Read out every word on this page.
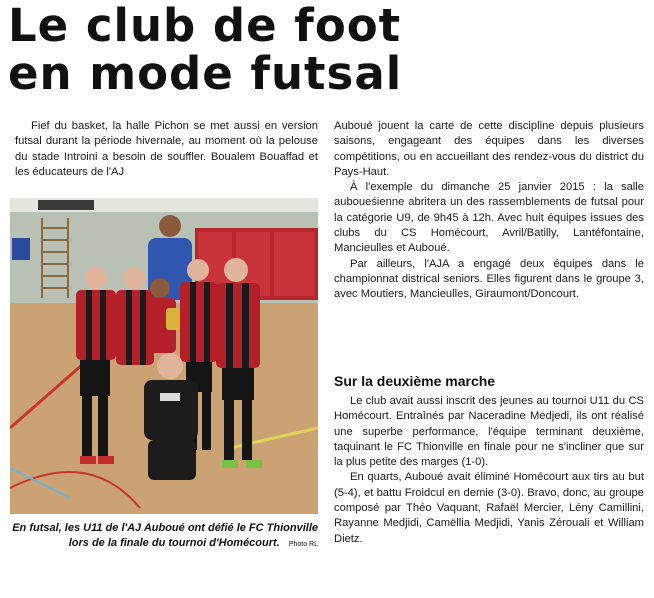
Le club de foot
en mode futsal

Fief du basket, la halle Pichon se met aussi en version futsal durant la période hivernale, au moment où la pelouse du stade Introini a besoin de souffler. Boualem Bouaffad et les éducateurs de l'AJ

En futsal, les U11 de l'AJ Auboué ont défié le FC Thionville lors de la finale du tournoi d'Homécourt. Photo RL

Auboué jouent la carte de cette discipline depuis plusieurs saisons, engageant des équipes dans les diverses compétitions, ou en accueillant des rendez-vous du district du Pays-Haut.

À l'exemple du dimanche 25 janvier 2015 : la salle auboueśienne abritera un des rassemblements de futsal pour la catégorie U9, de 9h45 à 12h. Avec huit équipes issues des clubs du CS Homécourt, Avril/Batilly, Lantéfontaine, Mancieulles et Auboué.

Par ailleurs, l'AJA a engagé deux équipes dans le championnat districal seniors. Elles figurent dans le groupe 3, avec Moutiers, Mancieulles, Giraumont/Doncourt.

Sur la deuxième marche

Le club avait aussi inscrit des jeunes au tournoi U11 du CS Homécourt. Entraînés par Naceradine Medjedi, ils ont réalisé une superbe performance, l'équipe terminant deuxième, taquinant le FC Thionville en finale pour ne s'incliner que sur la plus petite des marges (1-0).

En quarts, Auboué avait éliminé Homécourt aux tirs au but (5-4), et battu Froidcul en demie (3-0). Bravo, donc, au groupe composé par Théo Vaquant, Rafaël Mercier, Lény Camillini, Rayanne Medjidi, Camëllia Medjidi, Yanis Zérouali et William Dietz.
